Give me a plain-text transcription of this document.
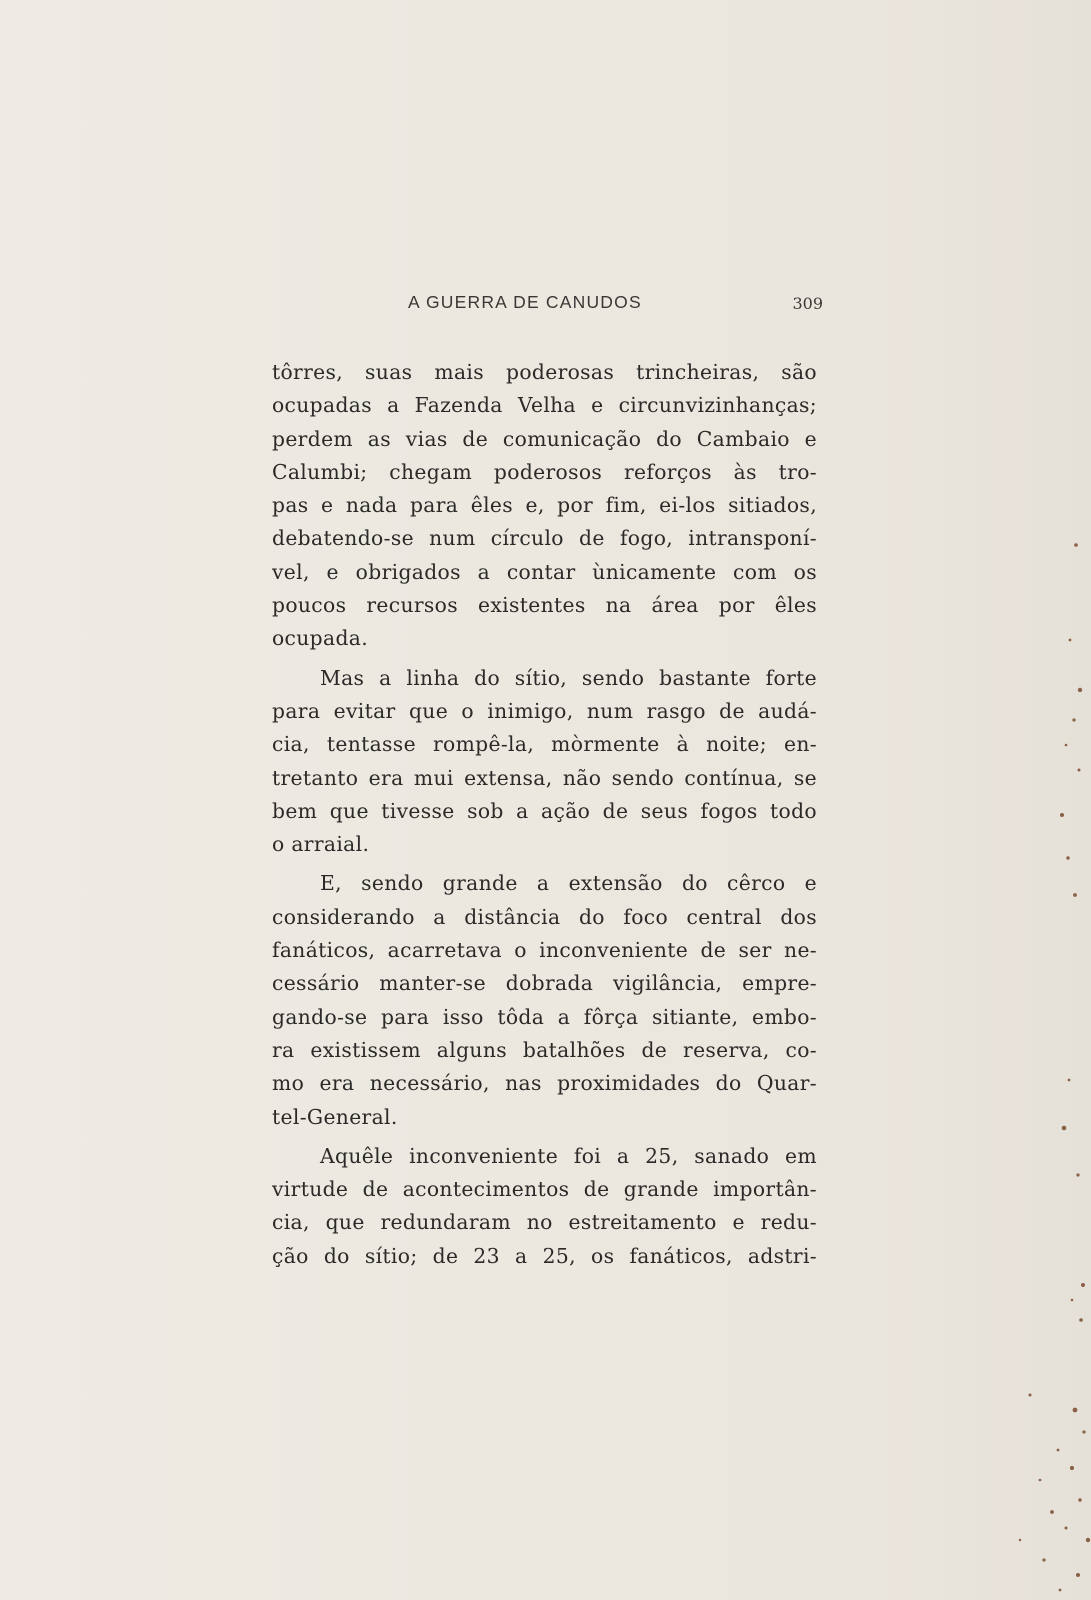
A GUERRA DE CANUDOS	309
tôrres, suas mais poderosas trincheiras, são
ocupadas a Fazenda Velha e circunvizinhanças;
perdem as vias de comunicação do Cambaio e
Calumbi; chegam poderosos reforços às tro-
pas e nada para êles e, por fim, ei-los sitiados,
debatendo-se num círculo de fogo, intransponí-
vel, e obrigados a contar ùnicamente com os
poucos recursos existentes na área por êles
ocupada.
Mas a linha do sítio, sendo bastante forte
para evitar que o inimigo, num rasgo de audá-
cia, tentasse rompê-la, mòrmente à noite; en-
tretanto era mui extensa, não sendo contínua, se
bem que tivesse sob a ação de seus fogos todo
o arraial.
E, sendo grande a extensão do cêrco e
considerando a distância do foco central dos
fanáticos, acarretava o inconveniente de ser ne-
cessário manter-se dobrada vigilância, empre-
gando-se para isso tôda a fôrça sitiante, embo-
ra existissem alguns batalhões de reserva, co-
mo era necessário, nas proximidades do Quar-
tel-General.
Aquêle inconveniente foi a 25, sanado em
virtude de acontecimentos de grande importân-
cia, que redundaram no estreitamento e redu-
ção do sítio; de 23 a 25, os fanáticos, adstri-
